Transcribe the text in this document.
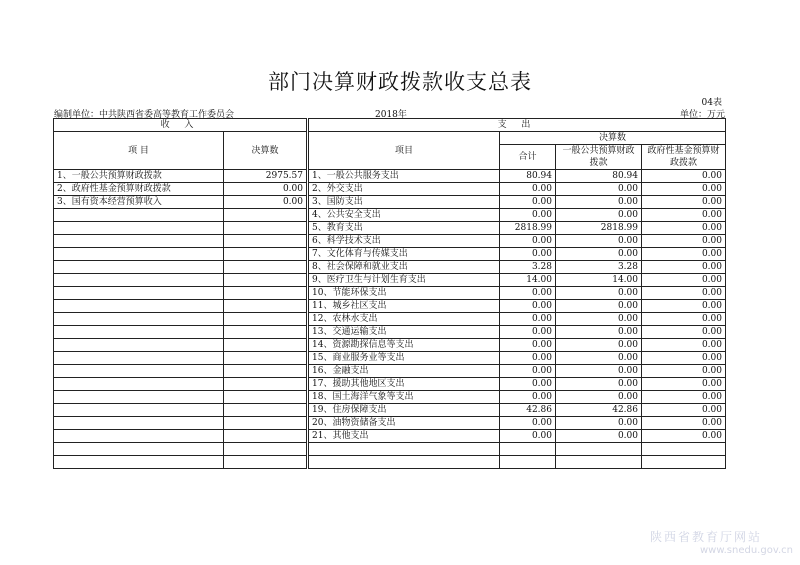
部门决算财政拨款收支总表
04表
编制单位：中共陕西省委高等教育工作委员会	2018年	单位：万元
收 入		支 出			
项 目	决算数	项目	决算数		
			合计	一般公共预算财政拨款	政府性基金预算财政拨款

1、一般公共预算财政拨款	2975.57	1、一般公共服务支出	80.94	80.94	0.00
2、政府性基金预算财政拨款	0.00	2、外交支出	0.00	0.00	0.00
3、国有资本经营预算收入	0.00	3、国防支出	0.00	0.00	0.00
		4、公共安全支出	0.00	0.00	0.00
		5、教育支出	2818.99	2818.99	0.00
		6、科学技术支出	0.00	0.00	0.00
		7、文化体育与传媒支出	0.00	0.00	0.00
		8、社会保障和就业支出	3.28	3.28	0.00
		9、医疗卫生与计划生育支出	14.00	14.00	0.00
		10、节能环保支出	0.00	0.00	0.00
		11、城乡社区支出	0.00	0.00	0.00
		12、农林水支出	0.00	0.00	0.00
		13、交通运输支出	0.00	0.00	0.00
		14、资源勘探信息等支出	0.00	0.00	0.00
		15、商业服务业等支出	0.00	0.00	0.00
		16、金融支出	0.00	0.00	0.00
		17、援助其他地区支出	0.00	0.00	0.00
		18、国土海洋气象等支出	0.00	0.00	0.00
		19、住房保障支出	42.86	42.86	0.00
		20、油物资储备支出	0.00	0.00	0.00
		21、其他支出	0.00	0.00	0.00

陕西省教育厅网站
www.snedu.gov.cn
